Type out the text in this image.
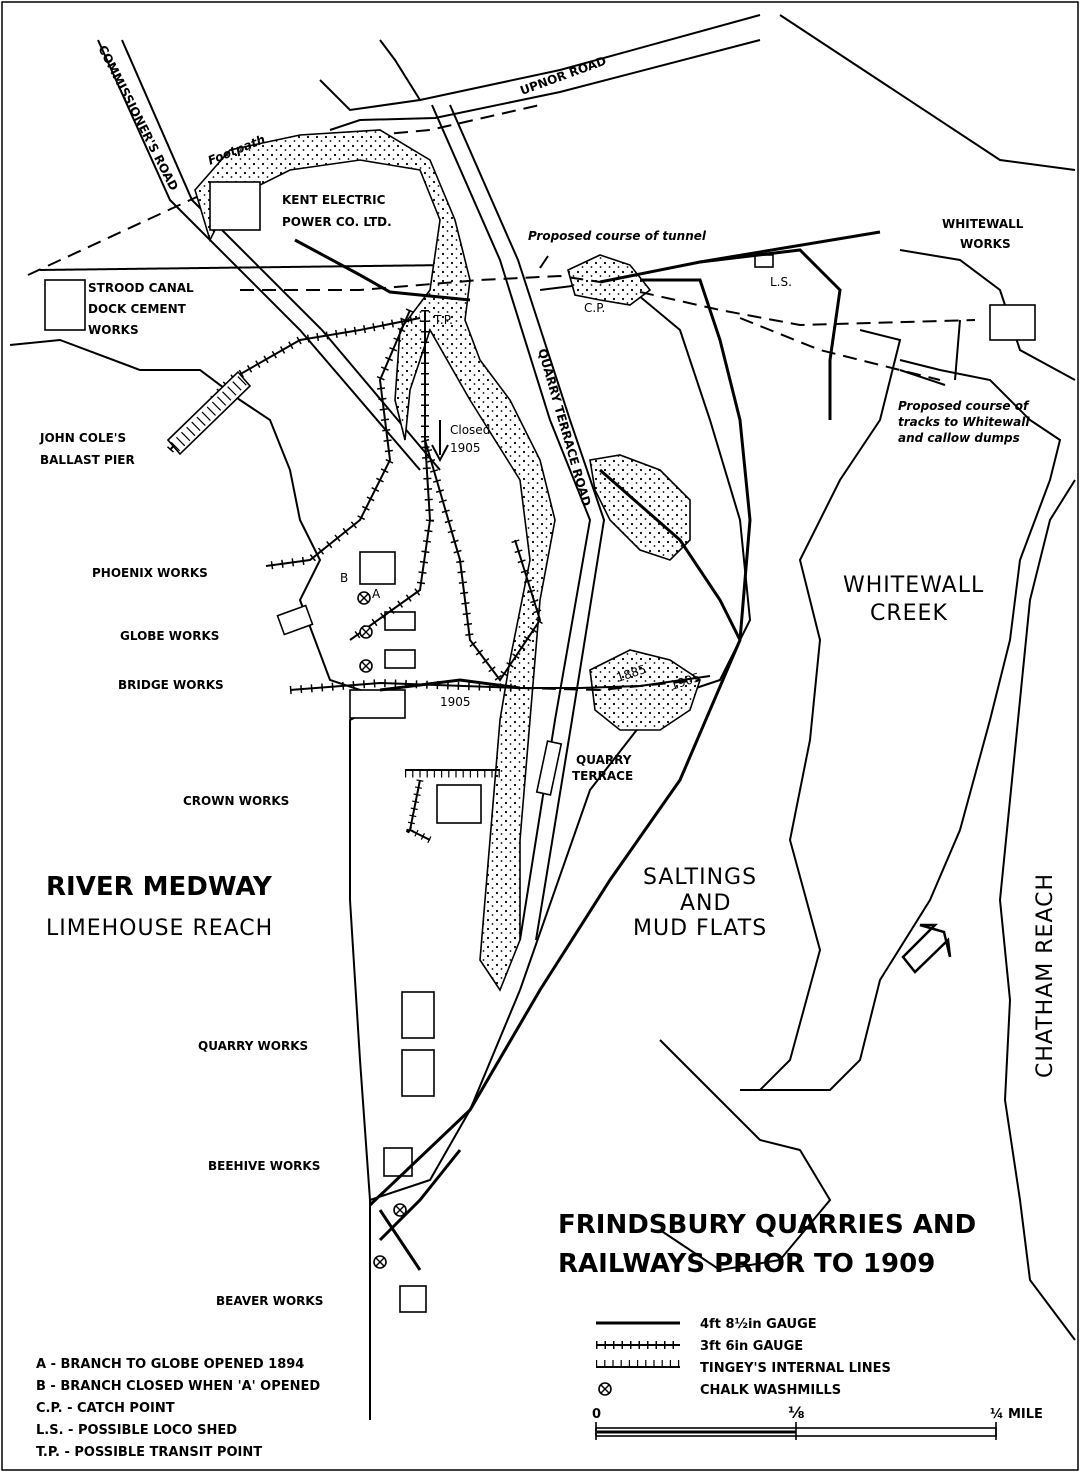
COMMISSIONER'S ROAD	UPNOR ROAD
QUARRY TERRACE ROAD
Footpath
KENT ELECTRIC
POWER CO. LTD.	WHITEWALL
WORKS
STROOD CANAL
DOCK CEMENT
WORKS
JOHN COLE'S
BALLAST PIER
PHOENIX WORKS
GLOBE WORKS
BRIDGE WORKS
CROWN WORKS
QUARRY WORKS
BEEHIVE WORKS
BEAVER WORKS
RIVER MEDWAY
LIMEHOUSE REACH
WHITEWALL
CREEK
SALTINGS
AND
MUD FLATS	CHATHAM REACH
QUARRY
TERRACE
Proposed course of tunnel
Proposed course of
tracks to Whitewall
and callow dumps
Closed
1905
T.P.
C.P.
L.S.
A
B
1905
1885 1905
FRINDSBURY QUARRIES AND
RAILWAYS PRIOR TO 1909
4ft 8½in GAUGE
3ft 6in GAUGE
TINGEY'S INTERNAL LINES
CHALK WASHMILLS
0	⅛	¼ MILE
A - BRANCH TO GLOBE OPENED 1894
B - BRANCH CLOSED WHEN 'A' OPENED
C.P. - CATCH POINT
L.S. - POSSIBLE LOCO SHED
T.P. - POSSIBLE TRANSIT POINT
